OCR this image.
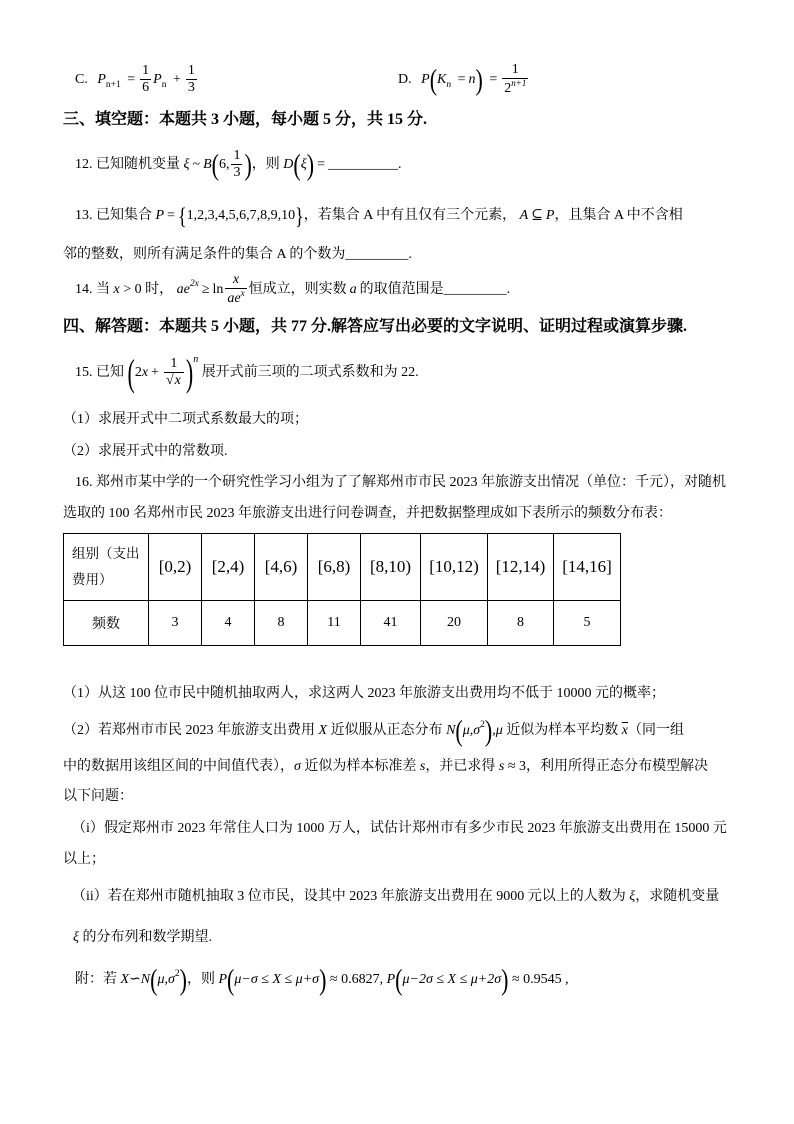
C. $P_{n+1} = \frac{1}{6} P_n + \frac{1}{3}$	D. $P(K_n = n) = \frac{1}{2^{n+1}}$
三、填空题：本题共 3 小题，每小题 5 分，共 15 分.
12. 已知随机变量 ξ ~ B(6, $\frac{1}{3}$ )，则 D(ξ) = __________.
13. 已知集合 P = {1,2,3,4,5,6,7,8,9,10}，若集合 A 中有且仅有三个元素， A ⊆ P，且集合 A 中不含相
邻的整数，则所有满足条件的集合 A 的个数为_________.
14. 当 x > 0 时， $ae^{2x} \ge \ln$
x
$ae^x$ 恒成立，则实数 a 的取值范围是_________.
四、解答题：本题共 5 小题，共 77 分.解答应写出必要的文字说明、证明过程或演算步骤.
15. 已知 $(2x + \frac{1}{√x} )^n$ 展开式前三项的二项式系数和为 22.
（1）求展开式中二项式系数最大的项；
（2）求展开式中的常数项.
16. 郑州市某中学的一个研究性学习小组为了了解郑州市市民 2023 年旅游支出情况（单位：千元），对随机
选取的 100 名郑州市民 2023 年旅游支出进行问卷调查，并把数据整理成如下表所示的频数分布表：
组别（支出费用）	[0,2)	[2,4)	[4,6)	[6,8)	[8,10)	[10,12)	[12,14)	[14,16]
频数	3	4	8	11	41	20	8	5
（1）从这 100 位市民中随机抽取两人，求这两人 2023 年旅游支出费用均不低于 10000 元的概率；
（2）若郑州市市民 2023 年旅游支出费用 X 近似服从正态分布 $N(\mu,\sigma^2),\mu$ 近似为样本平均数 $\overline{x}$（同一组
中的数据用该组区间的中间值代表），σ 近似为样本标准差 s，并已求得 s ≈ 3，利用所得正态分布模型解决
以下问题：
（i）假定郑州市 2023 年常住人口为 1000 万人，试估计郑州市有多少市民 2023 年旅游支出费用在 15000 元
以上；
（ii）若在郑州市随机抽取 3 位市民，设其中 2023 年旅游支出费用在 9000 元以上的人数为 ξ，求随机变量
ξ 的分布列和数学期望.
附：若 $X∽N(\mu,\sigma^2)$，则 P(μ−σ ≤ X ≤ μ+σ) ≈ 0.6827, P(μ−2σ ≤ X ≤ μ+2σ) ≈ 0.9545 ,
